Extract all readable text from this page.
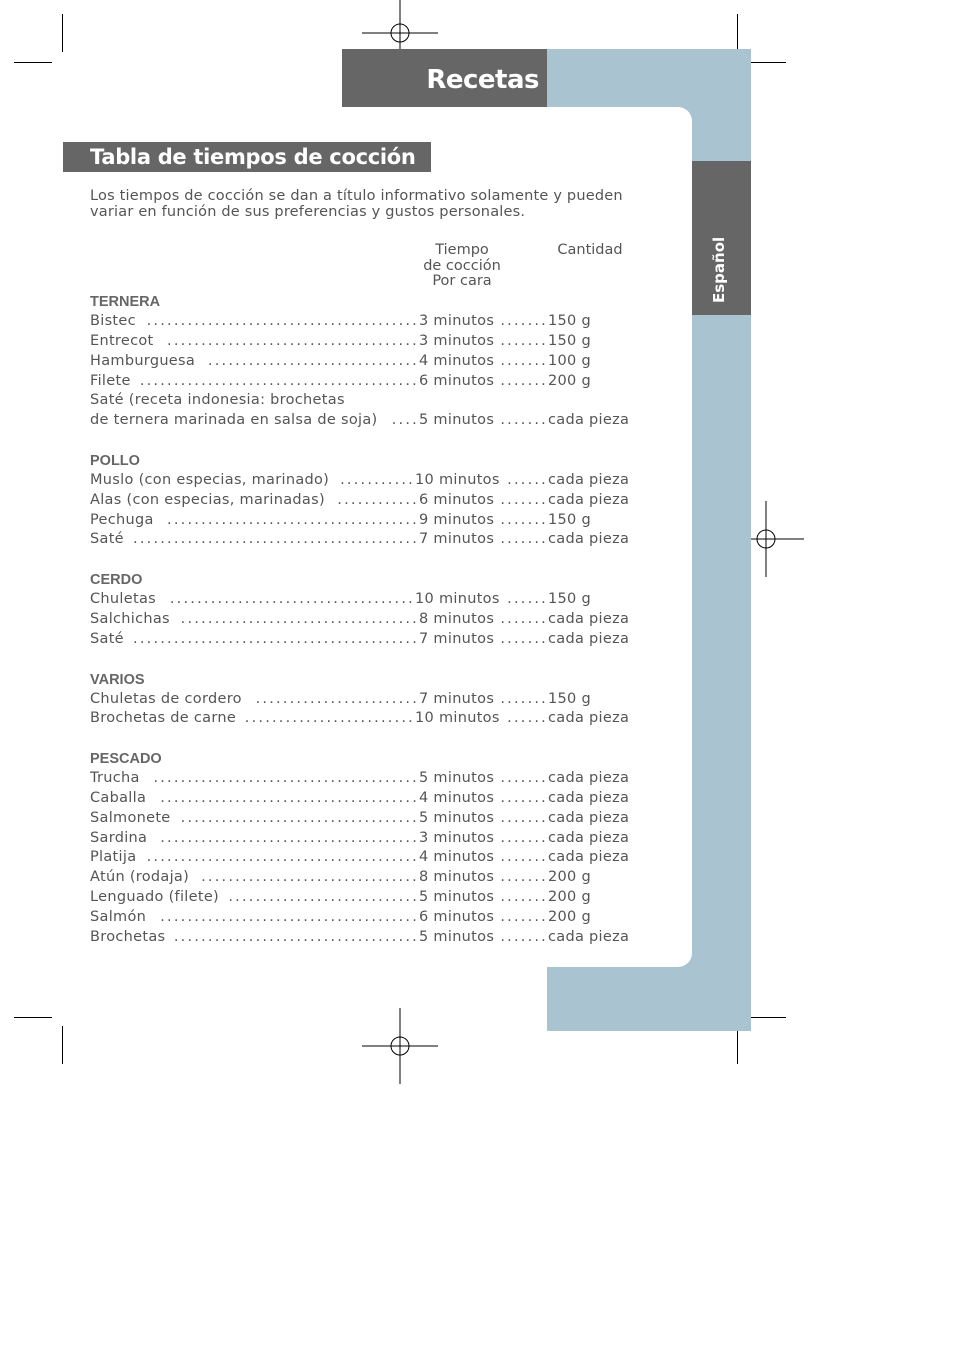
Recetas
Español
Tabla de tiempos de cocción

Los tiempos de cocción se dan a título informativo solamente y pueden variar en función de sus preferencias y gustos personales.

Tiempo
de cocción
Por cara
Cantidad
TERNERA
Bistec ........................................ 3 minutos ....... 150 g
Entrecot ..................................... 3 minutos ....... 150 g
Hamburguesa ............................... 4 minutos ....... 100 g
Filete ......................................... 6 minutos ....... 200 g
Saté (receta indonesia: brochetas
de ternera marinada en salsa de soja) .... 5 minutos ....... cada pieza
POLLO
Muslo (con especias, marinado) ........... 10 minutos ...... cada pieza
Alas (con especias, marinadas) ............ 6 minutos ....... cada pieza
Pechuga ..................................... 9 minutos ....... 150 g
Saté .......................................... 7 minutos ....... cada pieza
CERDO
Chuletas .................................... 10 minutos ...... 150 g
Salchichas ................................... 8 minutos ....... cada pieza
Saté .......................................... 7 minutos ....... cada pieza
VARIOS
Chuletas de cordero ........................ 7 minutos ....... 150 g
Brochetas de carne ......................... 10 minutos ...... cada pieza
PESCADO
Trucha ....................................... 5 minutos ....... cada pieza
Caballa ...................................... 4 minutos ....... cada pieza
Salmonete ................................... 5 minutos ....... cada pieza
Sardina ...................................... 3 minutos ....... cada pieza
Platija ........................................ 4 minutos ....... cada pieza
Atún (rodaja) ................................ 8 minutos ....... 200 g
Lenguado (filete) ............................ 5 minutos ....... 200 g
Salmón ...................................... 6 minutos ....... 200 g
Brochetas .................................... 5 minutos ....... cada pieza
